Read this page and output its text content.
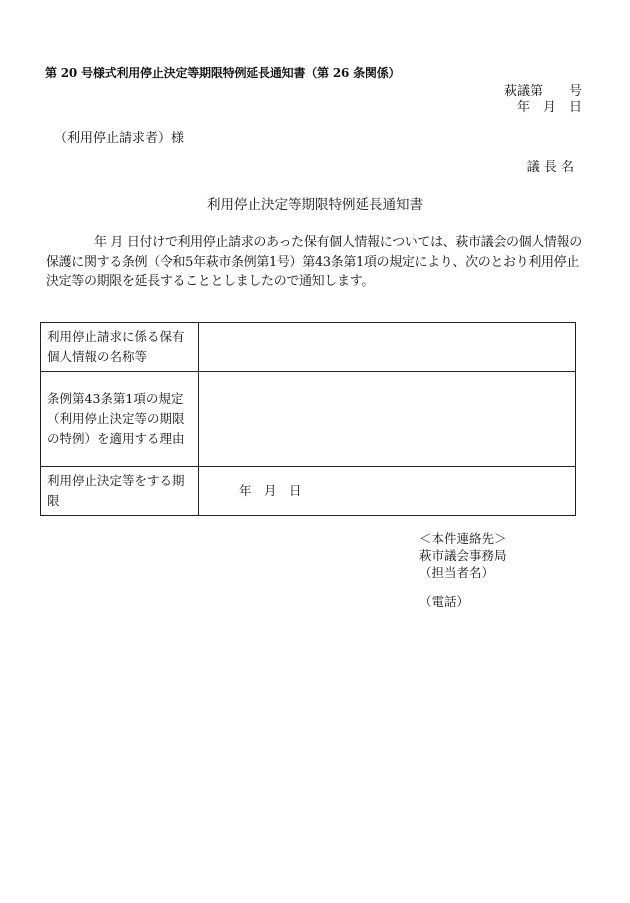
第 20 号様式利用停止決定等期限特例延長通知書（第 26 条関係）
萩議第　　号
年　月　日
（利用停止請求者）様
議 長 名
利用停止決定等期限特例延長通知書
年 月 日付けで利用停止請求のあった保有個人情報については、萩市議会の個人情報の保護に関する条例（令和5年萩市条例第1号）第43条第1項の規定により、次のとおり利用停止決定等の期限を延長することとしましたので通知します。
利用停止請求に係る保有個人情報の名称等	
条例第43条第1項の規定（利用停止決定等の期限の特例）を適用する理由	
利用停止決定等をする期限	年　月　日
＜本件連絡先＞
萩市議会事務局
（担当者名）
（電話）
